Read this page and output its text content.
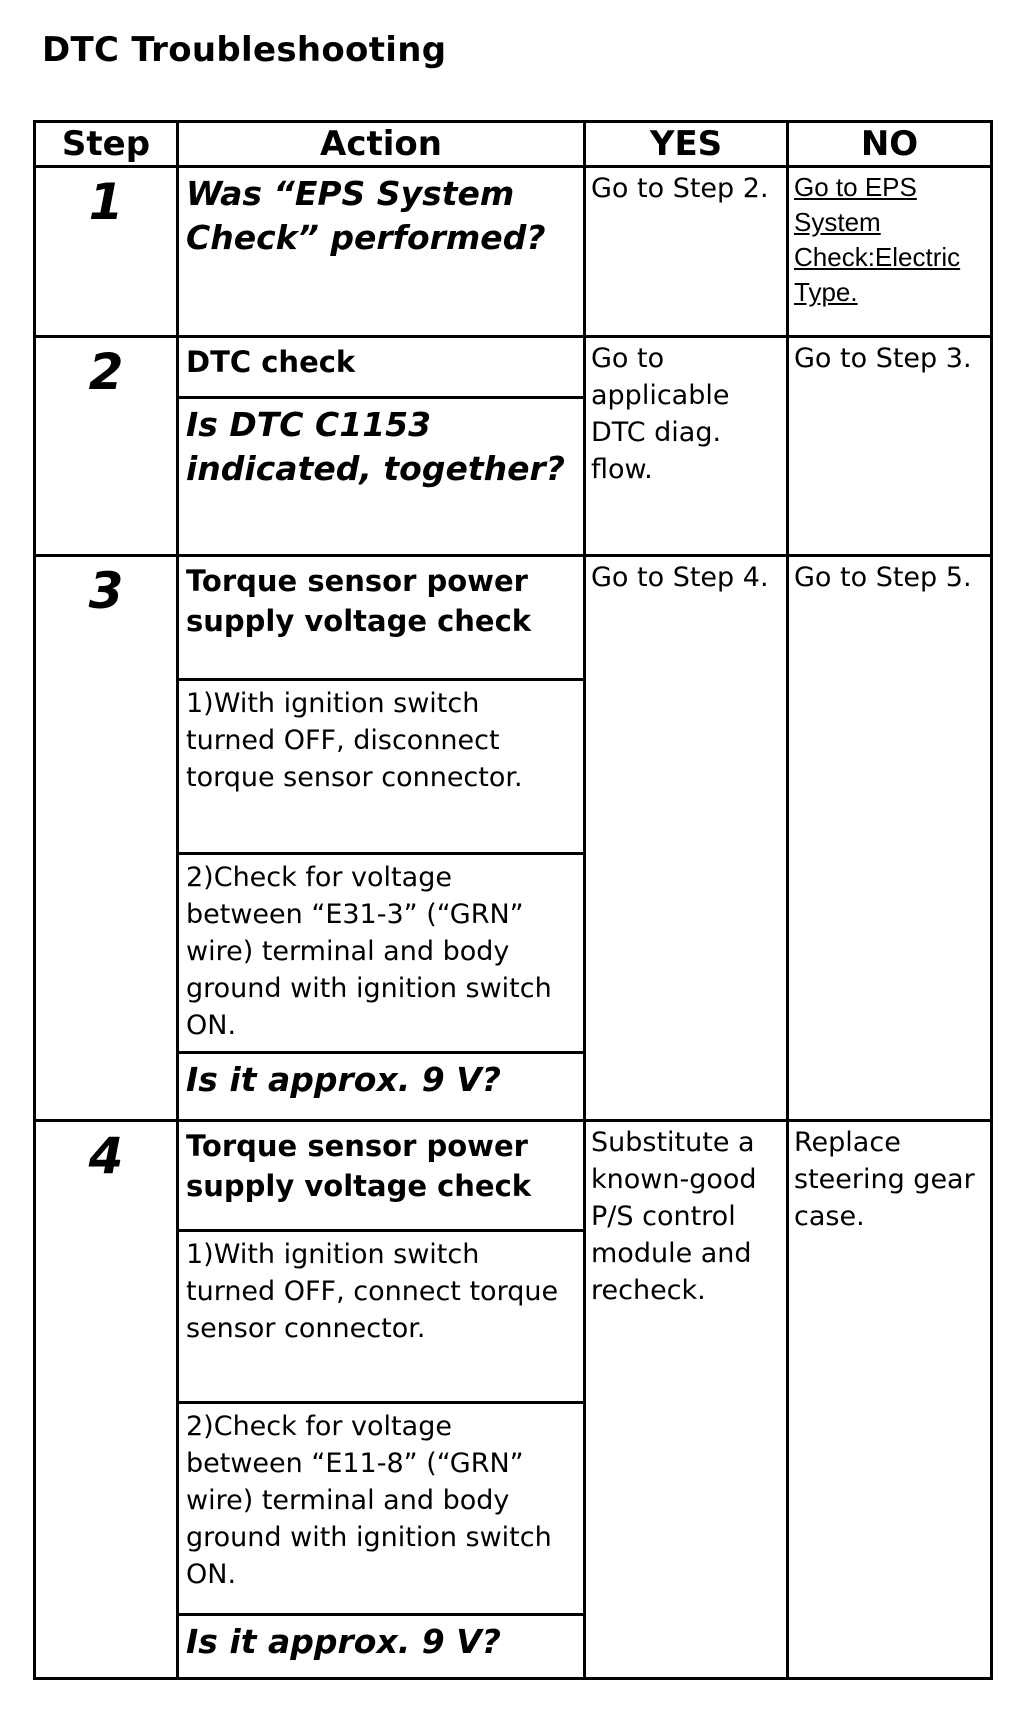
DTC Troubleshooting
Step	Action	YES	NO
1	Was “EPS System Check” performed?	Go to Step 2.	Go to EPS System Check:Electric Type.

2	DTC check	Go to applicable DTC diag. flow.	Go to Step 3.
	Is DTC C1153 indicated, together?		
3	Torque sensor power supply voltage check	Go to Step 4.	Go to Step 5.
	1)With ignition switch turned OFF, disconnect torque sensor connector.		
	2)Check for voltage between “E31-3” (“GRN” wire) terminal and body ground with ignition switch ON.		
	Is it approx. 9 V?		
4	Torque sensor power supply voltage check	Substitute a known-good P/S control module and recheck.	Replace steering gear case.
	1)With ignition switch turned OFF, connect torque sensor connector.		
	2)Check for voltage between “E11-8” (“GRN” wire) terminal and body ground with ignition switch ON.		
	Is it approx. 9 V?		
